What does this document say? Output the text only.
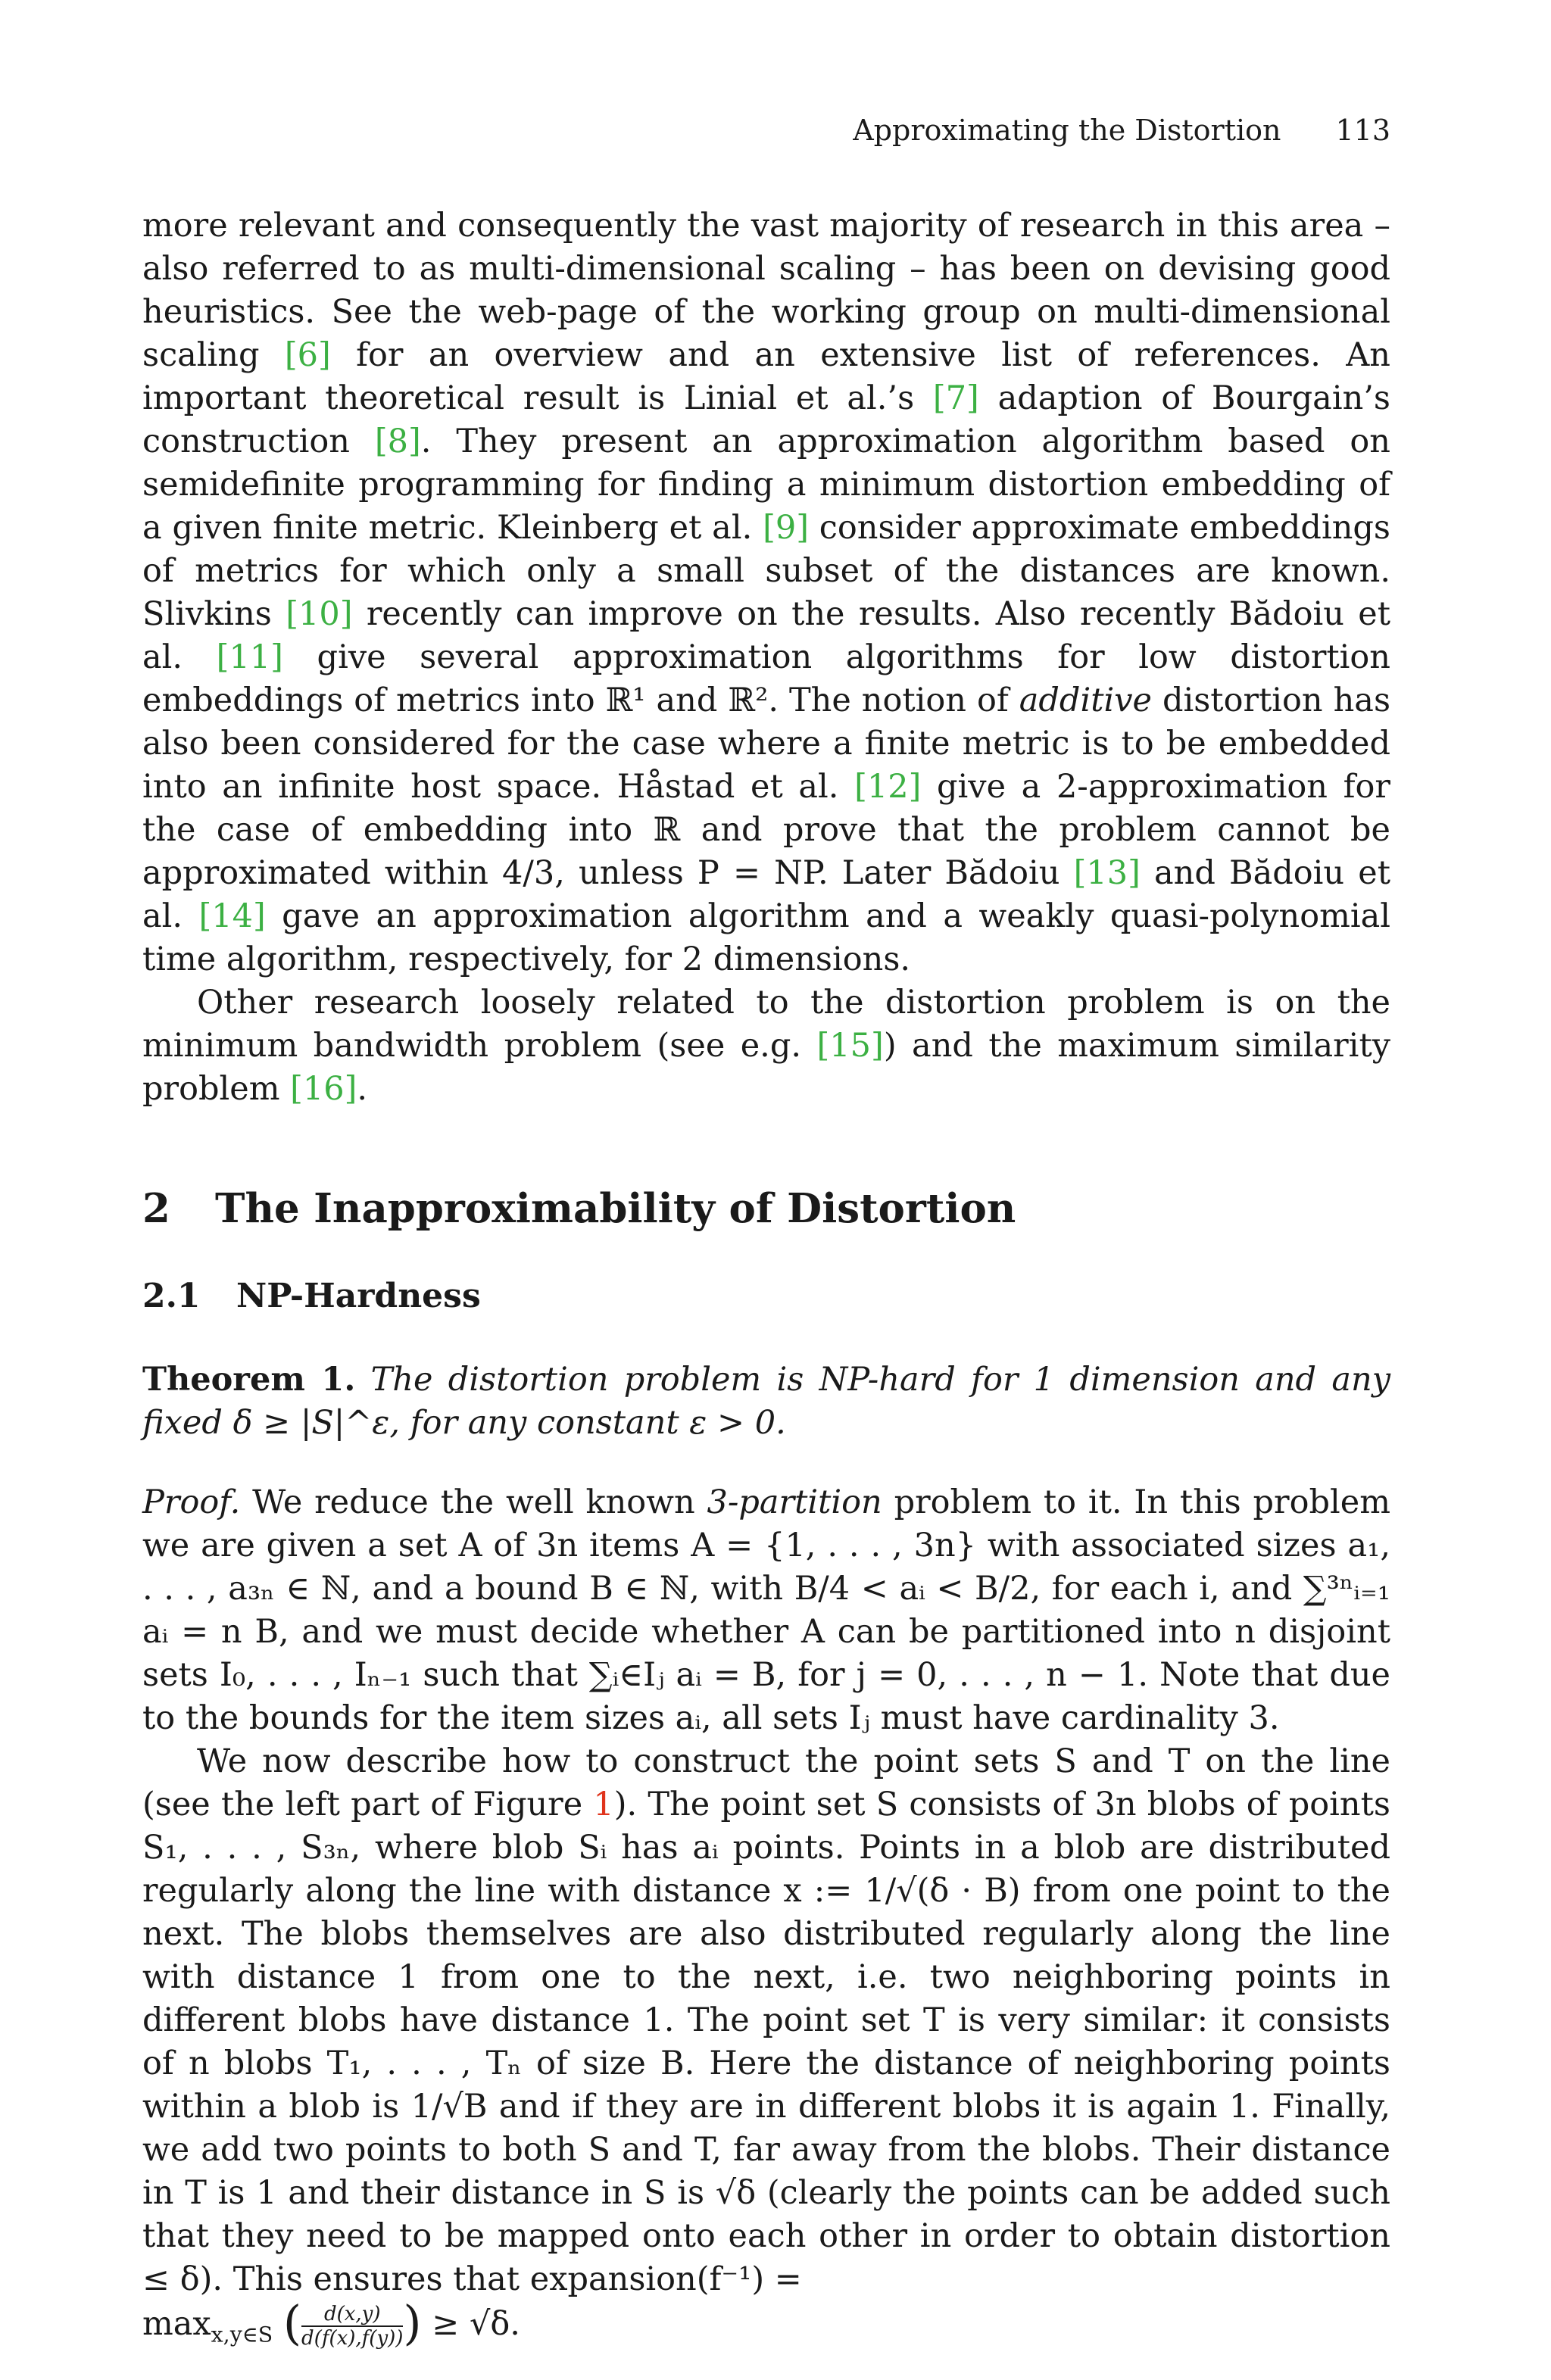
Approximating the Distortion 113

more relevant and consequently the vast majority of research in this area – also referred to as multi-dimensional scaling – has been on devising good heuristics. See the web-page of the working group on multi-dimensional scaling [6] for an overview and an extensive list of references. An important theoretical result is Linial et al.’s [7] adaption of Bourgain’s construction [8]. They present an approximation algorithm based on semidefinite programming for finding a minimum distortion embedding of a given finite metric. Kleinberg et al. [9] consider approximate embeddings of metrics for which only a small subset of the distances are known. Slivkins [10] recently can improve on the results. Also recently Bădoiu et al. [11] give several approximation algorithms for low distortion embeddings of metrics into ℝ¹ and ℝ². The notion of additive distortion has also been considered for the case where a finite metric is to be embedded into an infinite host space. Håstad et al. [12] give a 2-approximation for the case of embedding into ℝ and prove that the problem cannot be approximated within 4/3, unless P = NP. Later Bădoiu [13] and Bădoiu et al. [14] gave an approximation algorithm and a weakly quasi-polynomial time algorithm, respectively, for 2 dimensions.

Other research loosely related to the distortion problem is on the minimum bandwidth problem (see e.g. [15]) and the maximum similarity problem [16].

2 The Inapproximability of Distortion
2.1 NP-Hardness

Theorem 1. The distortion problem is NP-hard for 1 dimension and any fixed δ ≥ |S|^ε, for any constant ε > 0.

Proof. We reduce the well known 3-partition problem to it. In this problem we are given a set A of 3n items A = {1, . . . , 3n} with associated sizes a₁, . . . , a₃ₙ ∈ ℕ, and a bound B ∈ ℕ, with B/4 < aᵢ < B/2, for each i, and ∑³ⁿᵢ₌₁ aᵢ = n B, and we must decide whether A can be partitioned into n disjoint sets I₀, . . . , Iₙ₋₁ such that ∑ᵢ∈Iⱼ aᵢ = B, for j = 0, . . . , n − 1. Note that due to the bounds for the item sizes aᵢ, all sets Iⱼ must have cardinality 3.

We now describe how to construct the point sets S and T on the line (see the left part of Figure 1). The point set S consists of 3n blobs of points S₁, . . . , S₃ₙ, where blob Sᵢ has aᵢ points. Points in a blob are distributed regularly along the line with distance x := 1/√(δ · B) from one point to the next. The blobs themselves are also distributed regularly along the line with distance 1 from one to the next, i.e. two neighboring points in different blobs have distance 1. The point set T is very similar: it consists of n blobs T₁, . . . , Tₙ of size B. Here the distance of neighboring points within a blob is 1/√B and if they are in different blobs it is again 1. Finally, we add two points to both S and T, far away from the blobs. Their distance in T is 1 and their distance in S is √δ (clearly the points can be added such that they need to be mapped onto each other in order to obtain distortion ≤ δ). This ensures that expansion(f⁻¹) =

$\max_{x,y\in S}$ ( $\frac{d(x,y)}{d(f(x),f(y))}$ ) ≥ √δ.
